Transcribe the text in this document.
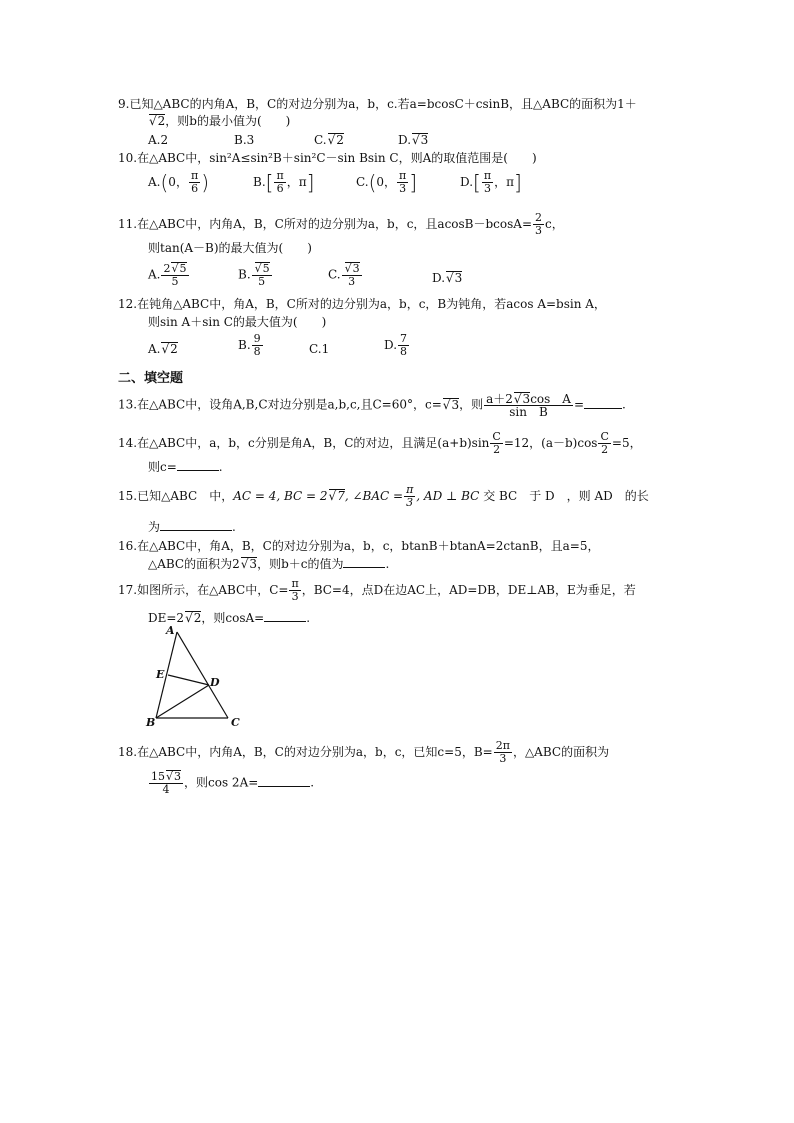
9.已知△ABC的内角A，B，C的对边分别为a，b，c.若a=bcosC＋csinB，且△ABC的面积为1＋
√ 2，则b的最小值为(　　)
A.2	B.3	C. √ 2	D. √ 3
10.在△ABC中，sin²A≤sin²B＋sin²C－sin Bsin C，则A的取值范围是(　　)
A.(0， $\frac{\pi}{6}$ )	$B.[ \frac{\pi}{6}$ ，π]	C.(0， $\frac{\pi}{3}$ ]	$D.[ \frac{\pi}{3}$ ，π]
11.在△ABC中，内角A，B，C所对的边分别为a，b，c，且$acosB-bcosA= \frac{2}{3}$ c，
则tan(A－B)的最大值为(　　)
A. $\frac{2 √ 5}{5}$	B. √ $\frac{5}{5}$	C. √ $\frac{3}{3}$	D. √ 3
12.在钝角△ABC中，角A，B，C所对的边分别为a，b，c，B为钝角，若acos A=bsin A，
则sin A＋sin C的最大值为(　　)
A. √ 2	B. $\frac{9}{8}$	C.1	D. $\frac{7}{8}$
二、填空题
13.在△ABC中，设角A,B,C对边分别是a,b,c,且C=60°，c= √ 3，则 $\frac{\text{a＋2 √ 3cos　A}}{\text{sin　B}}$ =	.
14.在△ABC中，a，b，c分别是角A，B，C的对边，且满足$(a+b)\sin \frac{C}{2} =12$，$(a-b)\cos \frac{C}{2} =5$，
则c=	.
15.已知△ABC　中，AC = 4, BC = 2 √ 7, ∠BAC = $\frac{\pi}{3}$ , AD ⊥ BC 交 BC　于 D　，则 AD　的长
为	.
16.在△ABC中，角A，B，C的对边分别为a，b，c，btanB＋btanA=2ctanB，且a=5，
△ABC的面积为2 √ 3，则b＋c的值为	.
17.如图所示，在△ABC中，$C= \frac{\pi}{3}$ ，BC=4，点D在边AC上，AD=DB，DE⊥AB，E为垂足，若
DE=2 √ 2，则cosA=	.
A
E
D
B	C
18.在△ABC中，内角A，B，C的对边分别为a，b，c，已知c=5，$B= \frac{2\pi}{3}$ ，△ABC的面积为
$\frac{15 √ 3}{4}$ ，则cos 2A=	.
